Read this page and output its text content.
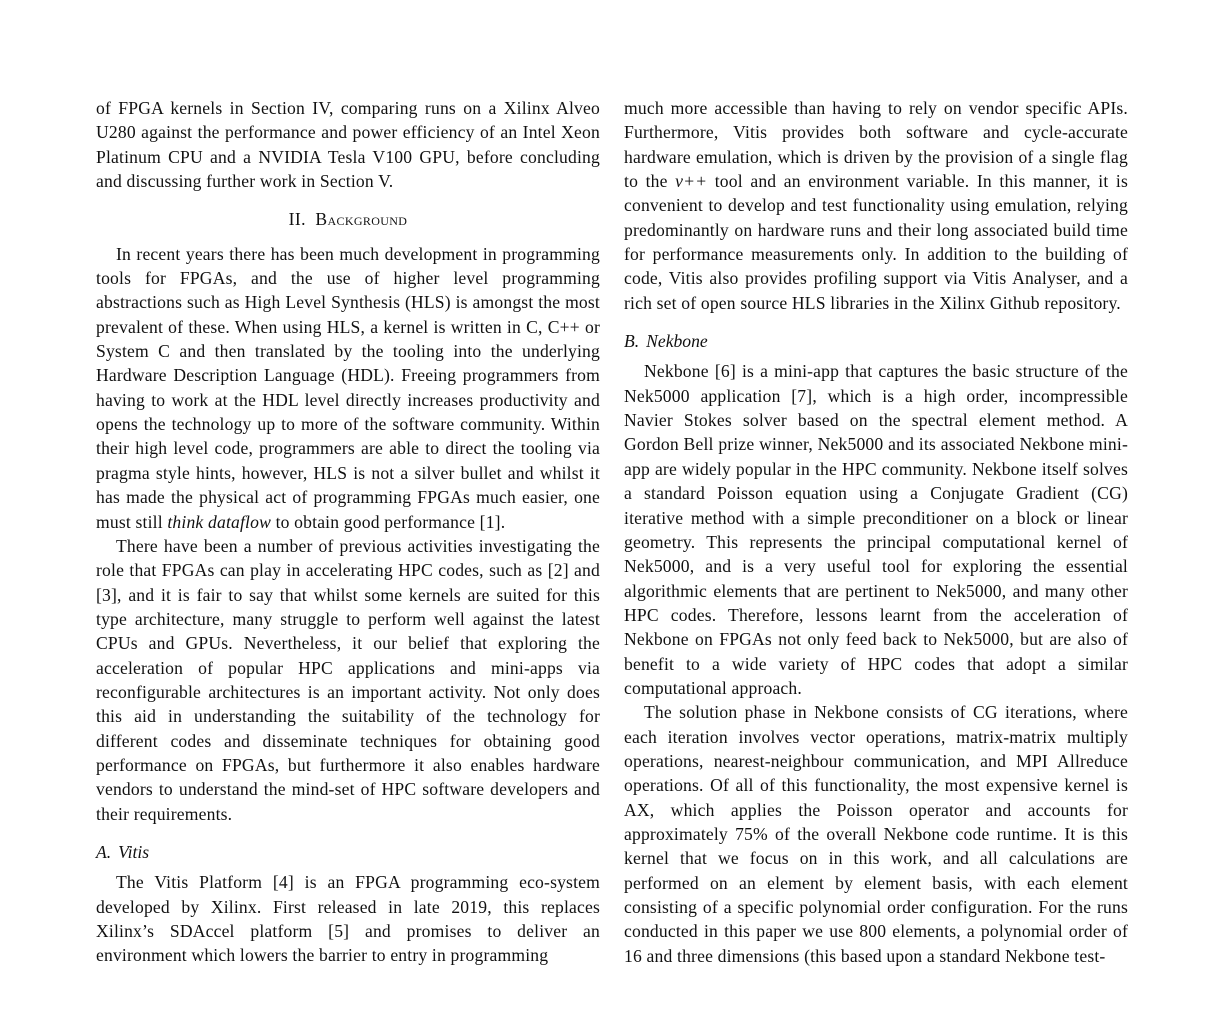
of FPGA kernels in Section IV, comparing runs on a Xilinx Alveo U280 against the performance and power efficiency of an Intel Xeon Platinum CPU and a NVIDIA Tesla V100 GPU, before concluding and discussing further work in Section V.

II. Background

In recent years there has been much development in programming tools for FPGAs, and the use of higher level programming abstractions such as High Level Synthesis (HLS) is amongst the most prevalent of these. When using HLS, a kernel is written in C, C++ or System C and then translated by the tooling into the underlying Hardware Description Language (HDL). Freeing programmers from having to work at the HDL level directly increases productivity and opens the technology up to more of the software community. Within their high level code, programmers are able to direct the tooling via pragma style hints, however, HLS is not a silver bullet and whilst it has made the physical act of programming FPGAs much easier, one must still think dataflow to obtain good performance [1].

There have been a number of previous activities investigating the role that FPGAs can play in accelerating HPC codes, such as [2] and [3], and it is fair to say that whilst some kernels are suited for this type architecture, many struggle to perform well against the latest CPUs and GPUs. Nevertheless, it our belief that exploring the acceleration of popular HPC applications and mini-apps via reconfigurable architectures is an important activity. Not only does this aid in understanding the suitability of the technology for different codes and disseminate techniques for obtaining good performance on FPGAs, but furthermore it also enables hardware vendors to understand the mind-set of HPC software developers and their requirements.

A. Vitis

The Vitis Platform [4] is an FPGA programming eco-system developed by Xilinx. First released in late 2019, this replaces Xilinx’s SDAccel platform [5] and promises to deliver an environment which lowers the barrier to entry in programming

much more accessible than having to rely on vendor specific APIs. Furthermore, Vitis provides both software and cycle-accurate hardware emulation, which is driven by the provision of a single flag to the v++ tool and an environment variable. In this manner, it is convenient to develop and test functionality using emulation, relying predominantly on hardware runs and their long associated build time for performance measurements only. In addition to the building of code, Vitis also provides profiling support via Vitis Analyser, and a rich set of open source HLS libraries in the Xilinx Github repository.

B. Nekbone

Nekbone [6] is a mini-app that captures the basic structure of the Nek5000 application [7], which is a high order, incompressible Navier Stokes solver based on the spectral element method. A Gordon Bell prize winner, Nek5000 and its associated Nekbone mini-app are widely popular in the HPC community. Nekbone itself solves a standard Poisson equation using a Conjugate Gradient (CG) iterative method with a simple preconditioner on a block or linear geometry. This represents the principal computational kernel of Nek5000, and is a very useful tool for exploring the essential algorithmic elements that are pertinent to Nek5000, and many other HPC codes. Therefore, lessons learnt from the acceleration of Nekbone on FPGAs not only feed back to Nek5000, but are also of benefit to a wide variety of HPC codes that adopt a similar computational approach.

The solution phase in Nekbone consists of CG iterations, where each iteration involves vector operations, matrix-matrix multiply operations, nearest-neighbour communication, and MPI Allreduce operations. Of all of this functionality, the most expensive kernel is AX, which applies the Poisson operator and accounts for approximately 75% of the overall Nekbone code runtime. It is this kernel that we focus on in this work, and all calculations are performed on an element by element basis, with each element consisting of a specific polynomial order configuration. For the runs conducted in this paper we use 800 elements, a polynomial order of 16 and three dimensions (this based upon a standard Nekbone test-
